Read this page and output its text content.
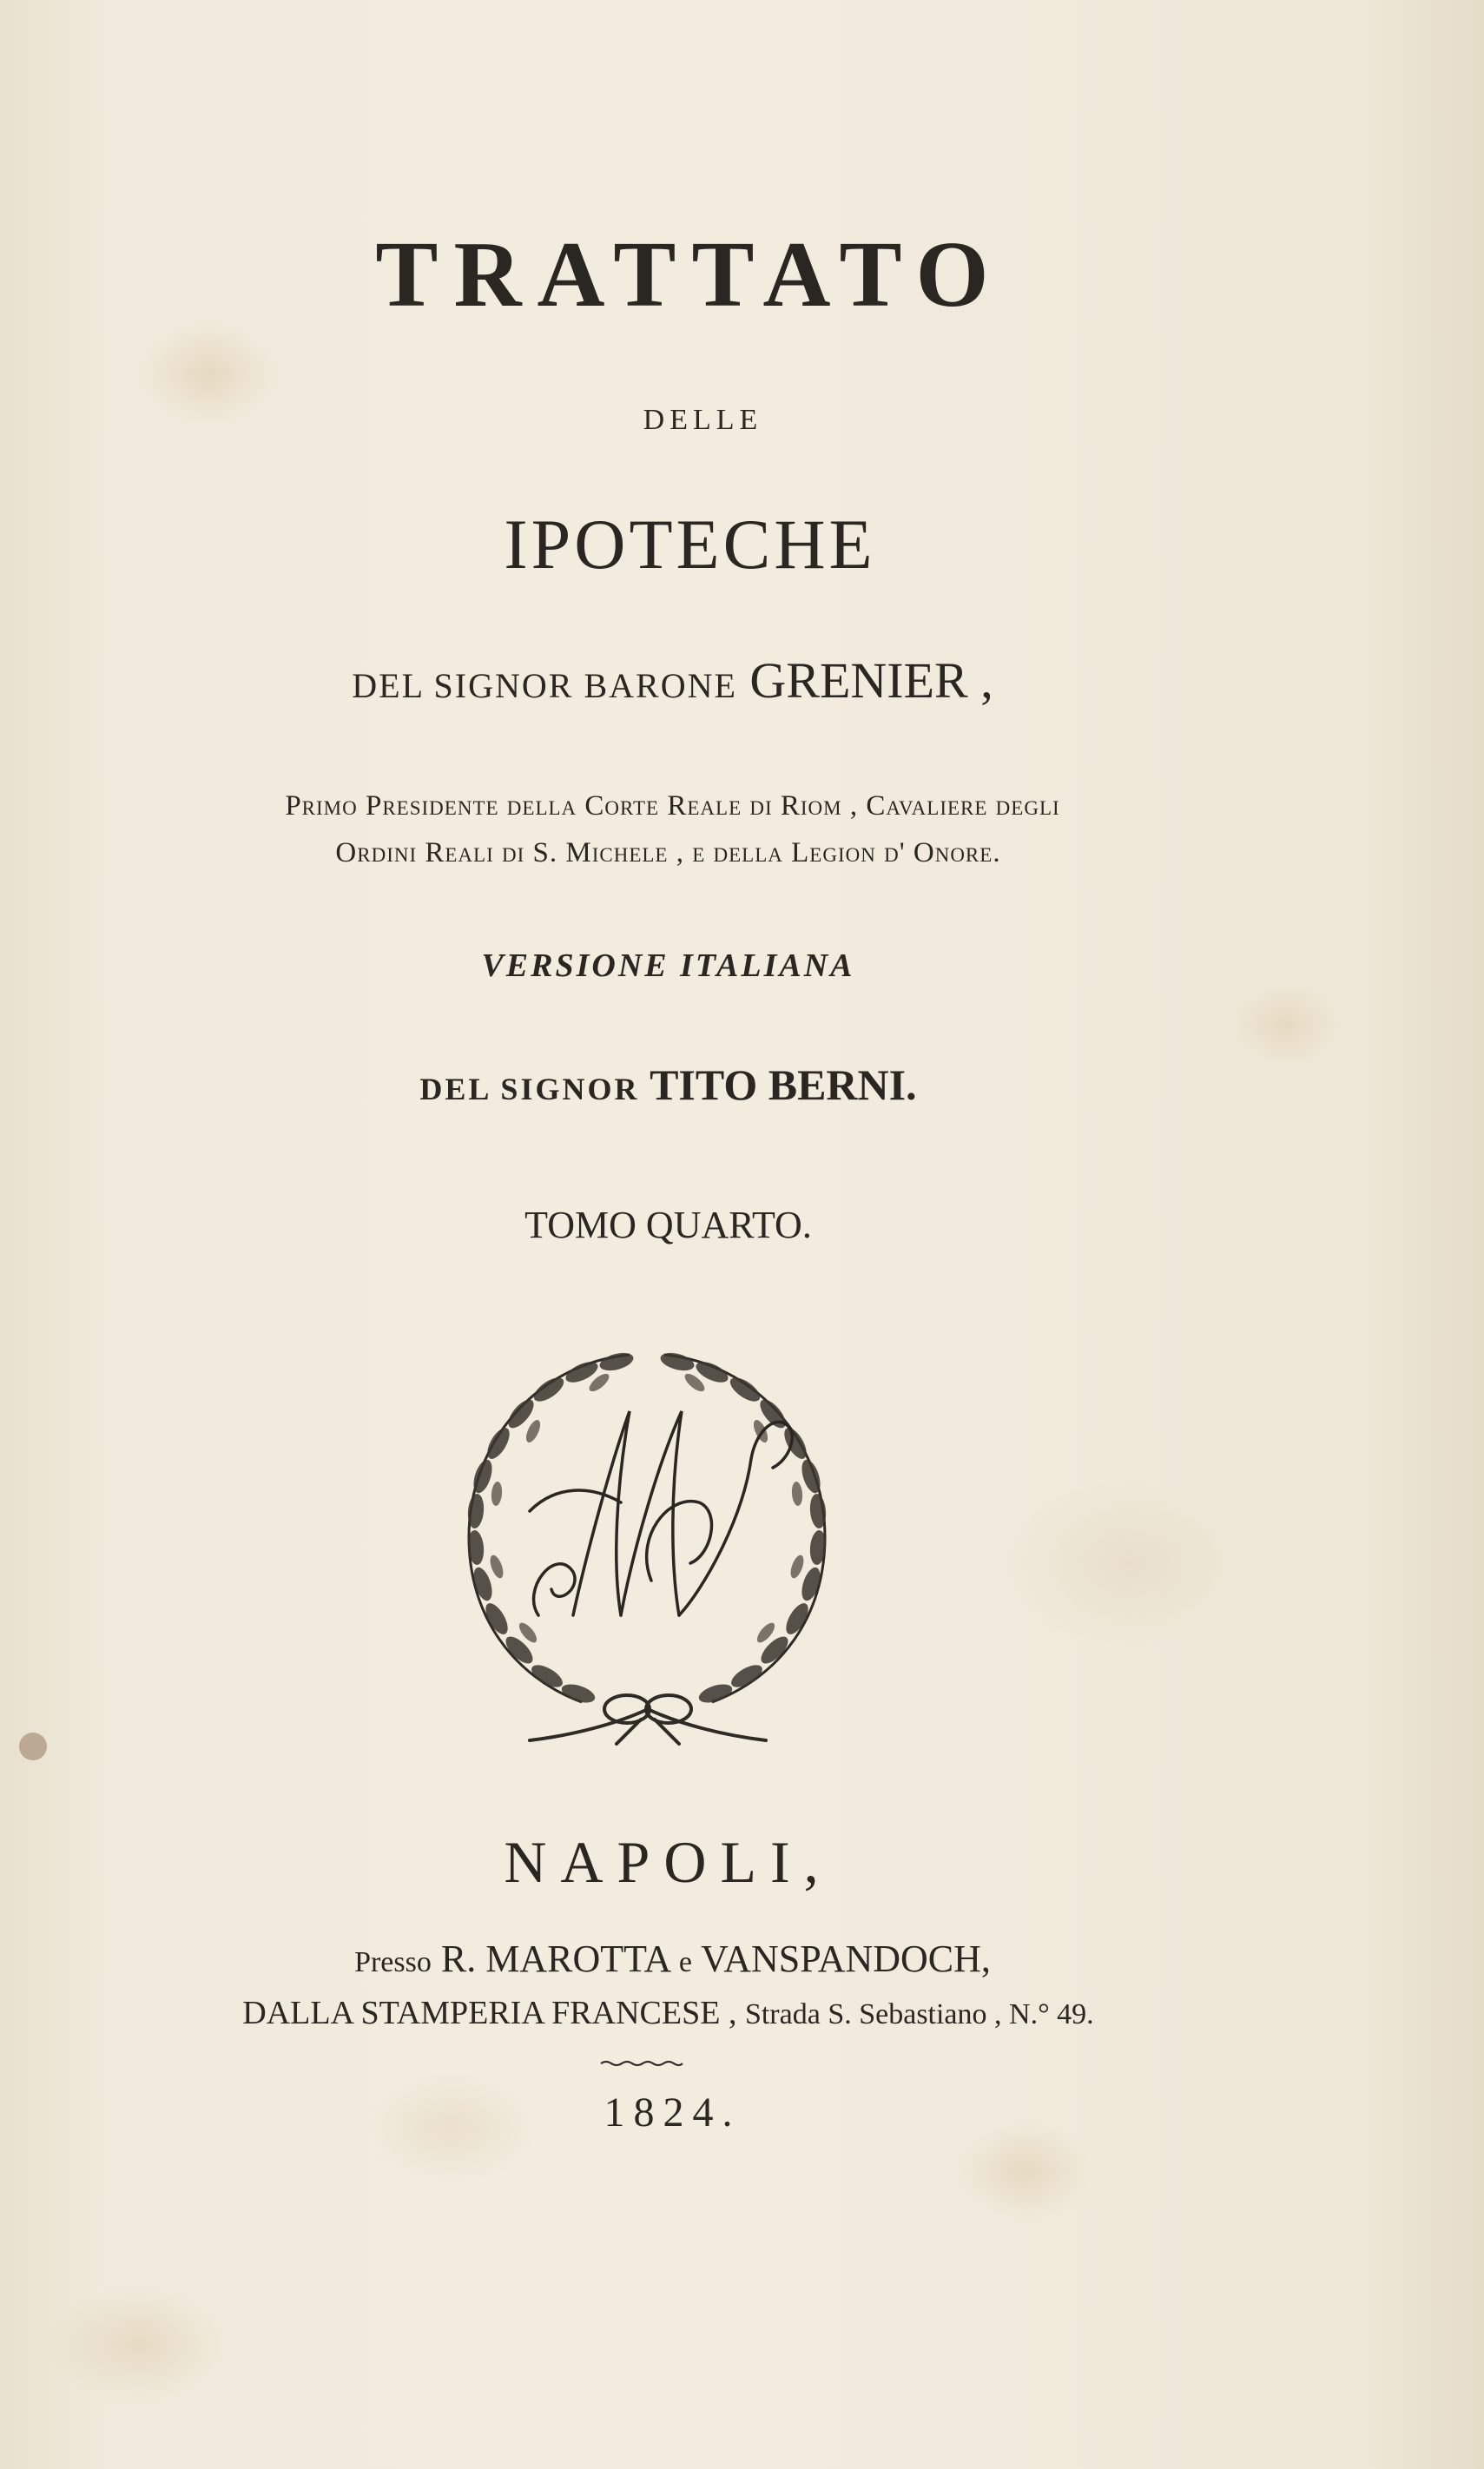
TRATTATO
DELLE
IPOTECHE
DEL SIGNOR BARONE GRENIER ,
Primo Presidente della Corte Reale di Riom , Cavaliere degli
Ordini Reali di S. Michele , e della Legion d' Onore.
VERSIONE ITALIANA
DEL SIGNOR TITO BERNI.
TOMO QUARTO.
NAPOLI,
Presso R. MAROTTA e VANSPANDOCH,
DALLA STAMPERIA FRANCESE , Strada S. Sebastiano , N.° 49.
1824.
